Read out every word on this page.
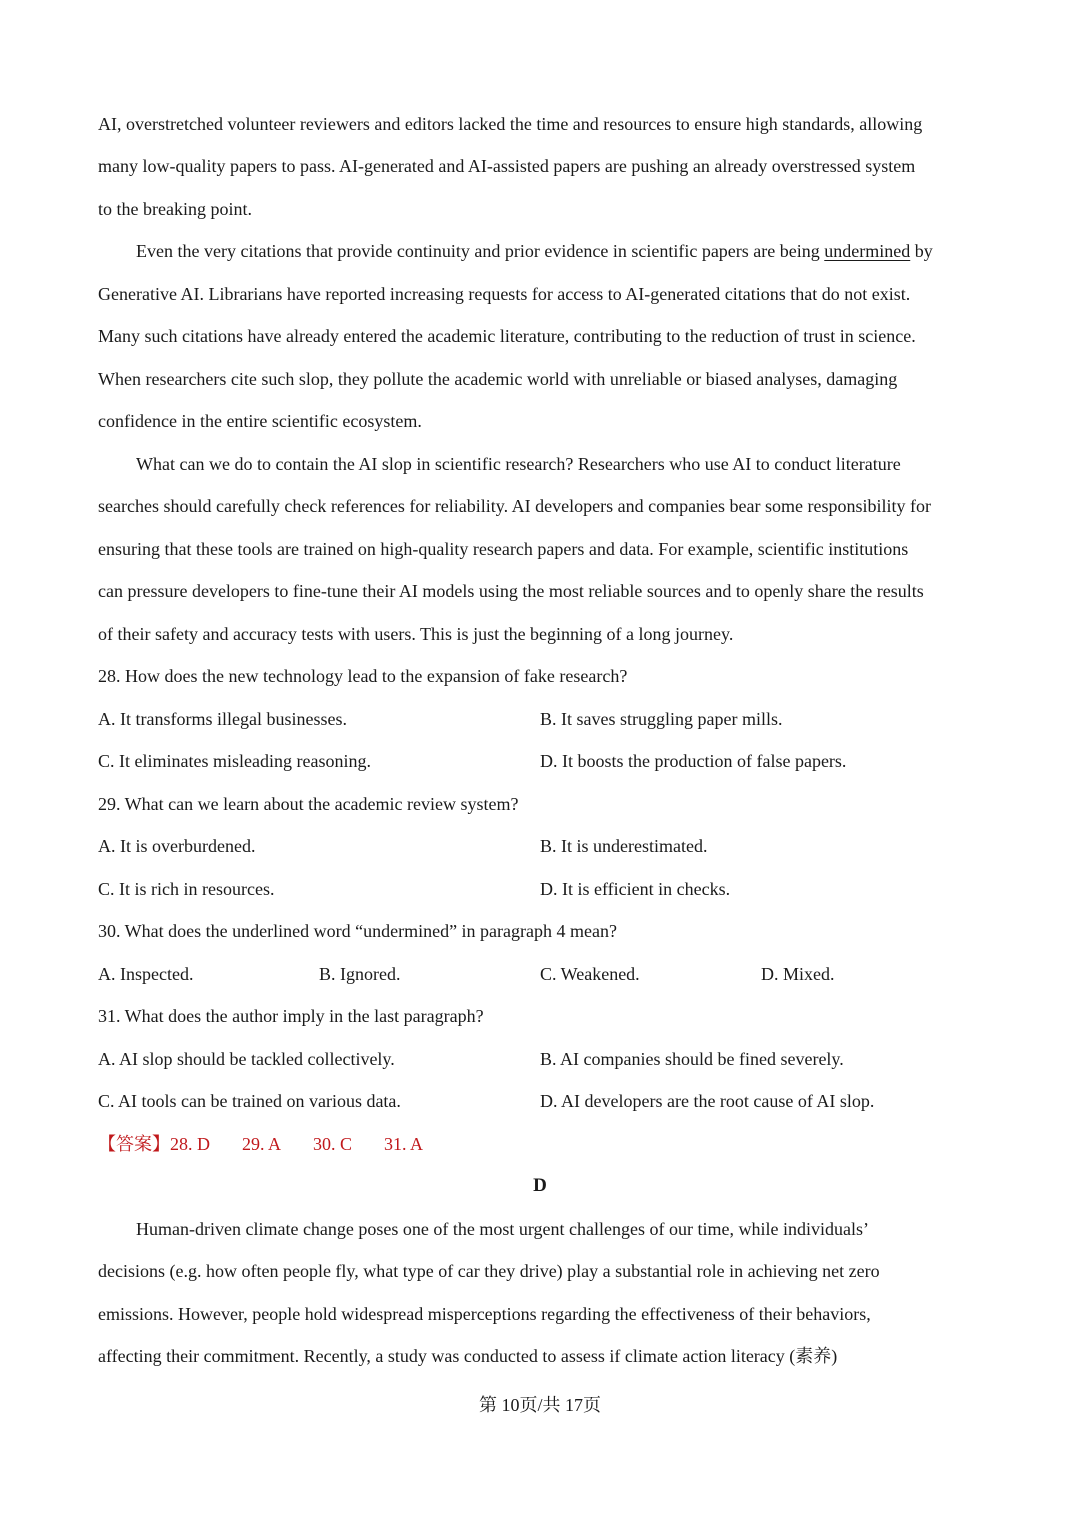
AI, overstretched volunteer reviewers and editors lacked the time and resources to ensure high standards, allowing
many low-quality papers to pass. AI-generated and AI-assisted papers are pushing an already overstressed system
to the breaking point.
Even the very citations that provide continuity and prior evidence in scientific papers are being undermined by
Generative AI. Librarians have reported increasing requests for access to AI-generated citations that do not exist.
Many such citations have already entered the academic literature, contributing to the reduction of trust in science.
When researchers cite such slop, they pollute the academic world with unreliable or biased analyses, damaging
confidence in the entire scientific ecosystem.
What can we do to contain the AI slop in scientific research? Researchers who use AI to conduct literature
searches should carefully check references for reliability. AI developers and companies bear some responsibility for
ensuring that these tools are trained on high-quality research papers and data. For example, scientific institutions
can pressure developers to fine-tune their AI models using the most reliable sources and to openly share the results
of their safety and accuracy tests with users. This is just the beginning of a long journey.
28. How does the new technology lead to the expansion of fake research?
A. It transforms illegal businesses.	B. It saves struggling paper mills.
C. It eliminates misleading reasoning.	D. It boosts the production of false papers.
29. What can we learn about the academic review system?
A. It is overburdened.	B. It is underestimated.
C. It is rich in resources.	D. It is efficient in checks.
30. What does the underlined word “undermined” in paragraph 4 mean?
A. Inspected.	B. Ignored.	C. Weakened.	D. Mixed.
31. What does the author imply in the last paragraph?
A. AI slop should be tackled collectively.	B. AI companies should be fined severely.
C. AI tools can be trained on various data.	D. AI developers are the root cause of AI slop.
【答案】28. D 29. A 30. C 31. A
D
Human-driven climate change poses one of the most urgent challenges of our time, while individuals’
decisions (e.g. how often people fly, what type of car they drive) play a substantial role in achieving net zero
emissions. However, people hold widespread misperceptions regarding the effectiveness of their behaviors,
affecting their commitment. Recently, a study was conducted to assess if climate action literacy (素养)
第 10页/共 17页
